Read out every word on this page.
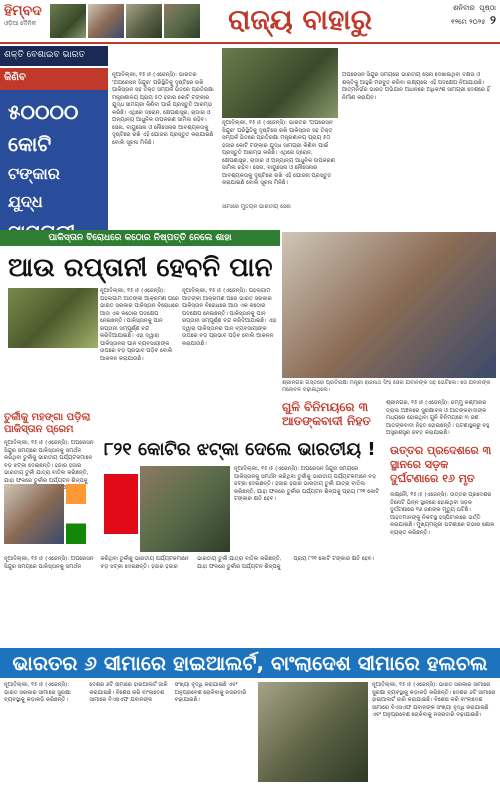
ହିମ୍ବଦ
ଓଡ଼ିଆ ଦୈନିକ	ରାଜ୍ୟ ବାହାରୁ	ଶନିବାର ପୃଷ୍ଠା
୧୨ମେ ୨୦୨୫ ୨
ଶକ୍ତି ବେଶାଇବ ଭାରତ
କିଣିବ
୫୦୦୦୦
କୋଟି
ଟଙ୍କାର ଯୁଦ୍ଧ
ନୂଆଦିଲ୍ଲୀ, ୧୫।୫ (ଏଜେନ୍ସି): ଭାରତର 'ଅପରେସନ ସିନ୍ଦୁର' ପରିସ୍ଥିତିକୁ ଦୃଷ୍ଟିରେ ରଖି ପାକିସ୍ତାନ ସହ ତିକ୍ତ ସମ୍ପର୍କ ଭିତରେ ପ୍ରତିରକ୍ଷା ମନ୍ତ୍ରଣାଳୟ ପ୍ରାୟ ୫୦ ହଜାର କୋଟି ଟଙ୍କାର ଯୁଦ୍ଧ ସାମଗ୍ରୀ କିଣିବା ପାଇଁ ପ୍ରସ୍ତୁତି ଆରମ୍ଭ କରିଛି। ଏଥିରେ ଡ୍ରୋନ, କ୍ଷେପଣାସ୍ତ୍ର, ରାଡାର ଓ ଅନ୍ୟାନ୍ୟ ଆଧୁନିକ ଉପକରଣ ସାମିଲ ରହିବ। ସେନା, ବାୟୁସେନା ଓ ନୌସେନାର ଆବଶ୍ୟକତାକୁ ଦୃଷ୍ଟିରେ ରଖି ଏହି ଯୋଜନା ପ୍ରସ୍ତୁତ କରାଯାଇଛି ବୋଲି ସୂଚନା ମିଳିଛି।
ନୂଆଦିଲ୍ଲୀ, ୧୫।୫ (ଏଜେନ୍ସି): ଭାରତର 'ଅପରେସନ ସିନ୍ଦୁର' ପରିସ୍ଥିତିକୁ ଦୃଷ୍ଟିରେ ରଖି ପାକିସ୍ତାନ ସହ ତିକ୍ତ ସମ୍ପର୍କ ଭିତରେ ପ୍ରତିରକ୍ଷା ମନ୍ତ୍ରଣାଳୟ ପ୍ରାୟ ୫୦ ହଜାର କୋଟି ଟଙ୍କାର ଯୁଦ୍ଧ ସାମଗ୍ରୀ କିଣିବା ପାଇଁ ପ୍ରସ୍ତୁତି ଆରମ୍ଭ କରିଛି। ଏଥିରେ ଡ୍ରୋନ, କ୍ଷେପଣାସ୍ତ୍ର, ରାଡାର ଓ ଅନ୍ୟାନ୍ୟ ଆଧୁନିକ ଉପକରଣ ସାମିଲ ରହିବ। ସେନା, ବାୟୁସେନା ଓ ନୌସେନାର ଆବଶ୍ୟକତାକୁ ଦୃଷ୍ଟିରେ ରଖି ଏହି ଯୋଜନା ପ୍ରସ୍ତୁତ କରାଯାଇଛି ବୋଲି ସୂଚନା ମିଳିଛି।
ଅପରେସନ ସିନ୍ଦୁର ସମୟରେ ଭାରତୀୟ ସେନା ଦେଖାଇଥିବା ଦକ୍ଷତା ଓ ଶକ୍ତିକୁ ଆହୁରି ମଜବୁତ କରିବା ଲକ୍ଷ୍ୟରେ ଏହି ପଦକ୍ଷେପ ନିଆଯାଉଛି। ଆତ୍ମନିର୍ଭର ଭାରତ ଅଭିଯାନ ଅଧୀନରେ ଅଧିକାଂଶ ସାମଗ୍ରୀ ଦେଶରେ ହିଁ ନିର୍ମାଣ କରାଯିବ।
ସୀମାରେ ମୁତୟନ ଭାରତୀୟ ସେନା
ପାକିସ୍ତାନ ବିରୋଧରେ କଠୋର ନିଷ୍ପତ୍ତି ନେଲେ ଶାହା
ଆଉ ରପ୍ତାନୀ ହେବନି ପାନ
ନୂଆଦିଲ୍ଲୀ, ୧୫।୫ (ଏଜେନ୍ସି): ପହଲଗାମ ଆତଙ୍କୀ ଆକ୍ରମଣ ପରେ ଭାରତ ସରକାର ପାକିସ୍ତାନ ବିରୋଧରେ ଆଉ ଏକ କଠୋର ପଦକ୍ଷେପ ନେଇଛନ୍ତି। ପାକିସ୍ତାନକୁ ପାନ ରପ୍ତାନୀ ସମ୍ପୂର୍ଣ୍ଣ ବନ୍ଦ କରିଦିଆଯାଇଛି। ଏହା ଦ୍ୱାରା ପାକିସ୍ତାନର ପାନ ବ୍ୟବସାୟୀଙ୍କ ଉପରେ ବଡ଼ ପ୍ରଭାବ ପଡ଼ିବ ବୋଲି ଆକଳନ କରାଯାଉଛି।
ନୂଆଦିଲ୍ଲୀ, ୧୫।୫ (ଏଜେନ୍ସି): ପହଲଗାମ ଆତଙ୍କୀ ଆକ୍ରମଣ ପରେ ଭାରତ ସରକାର ପାକିସ୍ତାନ ବିରୋଧରେ ଆଉ ଏକ କଠୋର ପଦକ୍ଷେପ ନେଇଛନ୍ତି। ପାକିସ୍ତାନକୁ ପାନ ରପ୍ତାନୀ ସମ୍ପୂର୍ଣ୍ଣ ବନ୍ଦ କରିଦିଆଯାଇଛି। ଏହା ଦ୍ୱାରା ପାକିସ୍ତାନର ପାନ ବ୍ୟବସାୟୀଙ୍କ ଉପରେ ବଡ଼ ପ୍ରଭାବ ପଡ଼ିବ ବୋଲି ଆକଳନ କରାଯାଉଛି।
ଶ୍ରୀନଗର ଗସ୍ତରେ ପ୍ରତିରକ୍ଷା ମନ୍ତ୍ରୀ ରାଜନାଥ ସିଂହ ସେନା ଯବାନଙ୍କ ସହ ଭେଟିଲେ। ସେ ଯବାନଙ୍କ ମନୋବଳ ବଢ଼ାଇଥିଲେ।
ଗୁଳି ବିନିମୟରେ ୩ ଆତଙ୍କବାଦୀ ନିହତ
ଶ୍ରୀନଗର, ୧୫।୫ (ଏଜେନ୍ସି): ଜମ୍ମୁ କଶ୍ମୀରର ତ୍ରାଲ ଅଞ୍ଚଳରେ ସୁରକ୍ଷାବଳ ଓ ଆତଙ୍କବାଦୀଙ୍କ ମଧ୍ୟରେ ହୋଇଥିବା ଗୁଳି ବିନିମୟରେ ୩ ଜଣ ଆତଙ୍କବାଦୀ ନିହତ ହୋଇଛନ୍ତି। ଘଟଣାସ୍ଥଳରୁ ବହୁ ଅସ୍ତ୍ରଶସ୍ତ୍ର ଜବତ କରାଯାଇଛି।
ତୁର୍କୀକୁ ମହଙ୍ଗା ପଡ଼ିଲା ପାକିସ୍ତାନ ପ୍ରେମ
ନୂଆଦିଲ୍ଲୀ, ୧୫।୫ (ଏଜେନ୍ସି): ଅପରେସନ ସିନ୍ଦୁର ସମୟରେ ପାକିସ୍ତାନକୁ ସମର୍ଥନ କରିଥିବା ତୁର୍କୀକୁ ଭାରତୀୟ ପର୍ଯ୍ୟଟକମାନେ ବଡ଼ ଝଟ୍କା ଦେଇଛନ୍ତି। ହଜାର ହଜାର ଭାରତୀୟ ତୁର୍କୀ ଯାତ୍ରା ବାତିଲ କରିଛନ୍ତି, ଯାହା ଫଳରେ ତୁର୍କୀର ପର୍ଯ୍ୟଟନ ଶିଳ୍ପକୁ
୮୨୧ କୋଟିର ଝଟ୍କା ଦେଲେ ଭାରତୀୟ !
ନୂଆଦିଲ୍ଲୀ, ୧୫।୫ (ଏଜେନ୍ସି): ଅପରେସନ ସିନ୍ଦୁର ସମୟରେ ପାକିସ୍ତାନକୁ ସମର୍ଥନ କରିଥିବା ତୁର୍କୀକୁ ଭାରତୀୟ ପର୍ଯ୍ୟଟକମାନେ ବଡ଼ ଝଟ୍କା ଦେଇଛନ୍ତି। ହଜାର ହଜାର ଭାରତୀୟ ତୁର୍କୀ ଯାତ୍ରା ବାତିଲ କରିଛନ୍ତି, ଯାହା ଫଳରେ ତୁର୍କୀର ପର୍ଯ୍ୟଟନ ଶିଳ୍ପକୁ ପ୍ରାୟ ୮୨୧ କୋଟି ଟଙ୍କାର କ୍ଷତି ହେବ।
ନୂଆଦିଲ୍ଲୀ, ୧୫।୫ (ଏଜେନ୍ସି): ଅପରେସନ ସିନ୍ଦୁର ସମୟରେ ପାକିସ୍ତାନକୁ ସମର୍ଥନ କରିଥିବା ତୁର୍କୀକୁ ଭାରତୀୟ ପର୍ଯ୍ୟଟକମାନେ ବଡ଼ ଝଟ୍କା ଦେଇଛନ୍ତି। ହଜାର ହଜାର ଭାରତୀୟ ତୁର୍କୀ ଯାତ୍ରା ବାତିଲ କରିଛନ୍ତି, ଯାହା ଫଳରେ ତୁର୍କୀର ପର୍ଯ୍ୟଟନ ଶିଳ୍ପକୁ ପ୍ରାୟ ୮୨୧ କୋଟି ଟଙ୍କାର କ୍ଷତି ହେବ।
ଉତ୍ତର ପ୍ରଦେଶରେ ୩ ସ୍ଥାନରେ ସଡ଼କ ଦୁର୍ଘଟଣାରେ ୧୬ ମୃତ
ଲକ୍ଷ୍ନୌ, ୧୫।୫ (ଏଜେନ୍ସି): ଉତ୍ତର ପ୍ରଦେଶର ତିନୋଟି ଭିନ୍ନ ସ୍ଥାନରେ ହୋଇଥିବା ସଡ଼କ ଦୁର୍ଘଟଣାରେ ୧୬ ଜଣଙ୍କ ମୃତ୍ୟୁ ଘଟିଛି। ଆହତମାନଙ୍କୁ ନିକଟସ୍ଥ ହସ୍ପିଟାଲରେ ଭର୍ତ୍ତି କରାଯାଇଛି। ମୁଖ୍ୟମନ୍ତ୍ରୀ ଘଟଣାରେ ଗଭୀର ଶୋକ ବ୍ୟକ୍ତ କରିଛନ୍ତି।
ଭାରତର ୬ ସୀମାରେ ହାଇଆଲର୍ଟ, ବାଂଲାଦେଶ ସୀମାରେ ହଲଚଲ
ନୂଆଦିଲ୍ଲୀ, ୧୫।୫ (ଏଜେନ୍ସି): ଭାରତ ସରକାର ସୀମାରେ ସୁରକ୍ଷା ବ୍ୟବସ୍ଥାକୁ କଡ଼ାକଡ଼ି କରିଛନ୍ତି। ଦେଶର ୬ଟି ସୀମାରେ ହାଇଆଲର୍ଟ ଜାରି କରାଯାଇଛି। ବିଶେଷ କରି ବାଂଲାଦେଶ ସୀମାରେ ବିଏସଏଫ ଯବାନଙ୍କ ସଂଖ୍ୟା ବୃଦ୍ଧି କରାଯାଇଛି ଏବଂ ଅନୁପ୍ରବେଶ ରୋକିବାକୁ ନଜରଦାରି ବଢ଼ାଯାଇଛି।
ନୂଆଦିଲ୍ଲୀ, ୧୫।୫ (ଏଜେନ୍ସି): ଭାରତ ସରକାର ସୀମାରେ ସୁରକ୍ଷା ବ୍ୟବସ୍ଥାକୁ କଡ଼ାକଡ଼ି କରିଛନ୍ତି। ଦେଶର ୬ଟି ସୀମାରେ ହାଇଆଲର୍ଟ ଜାରି କରାଯାଇଛି। ବିଶେଷ କରି ବାଂଲାଦେଶ ସୀମାରେ ବିଏସଏଫ ଯବାନଙ୍କ ସଂଖ୍ୟା ବୃଦ୍ଧି କରାଯାଇଛି ଏବଂ ଅନୁପ୍ରବେଶ ରୋକିବାକୁ ନଜରଦାରି ବଢ଼ାଯାଇଛି।
